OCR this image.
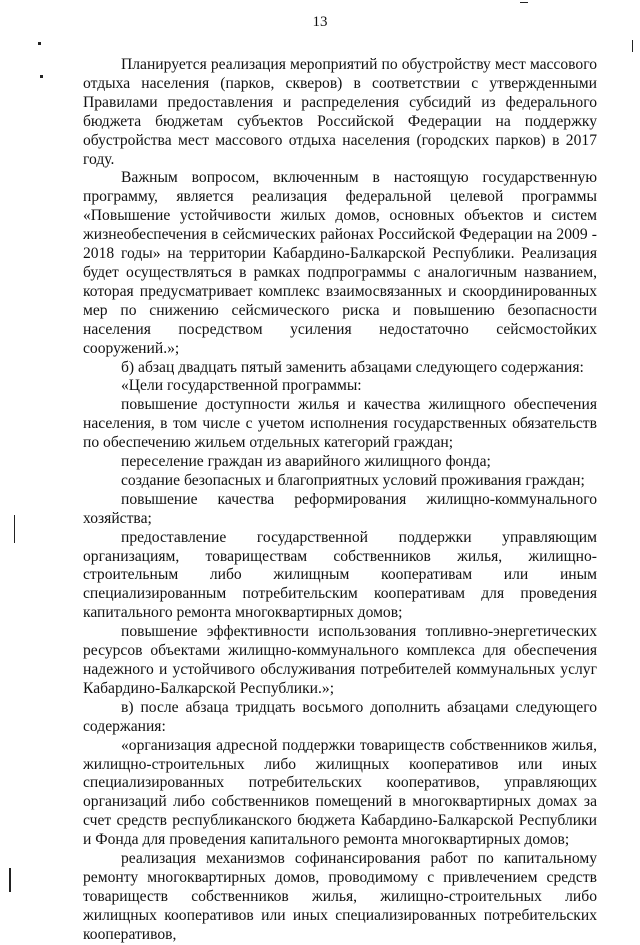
13

Планируется реализация мероприятий по обустройству мест массового отдыха населения (парков, скверов) в соответствии с утвержденными Правилами предоставления и распределения субсидий из федерального бюджета бюджетам субъектов Российской Федерации на поддержку обустройства мест массового отдыха населения (городских парков) в 2017 году.

Важным вопросом, включенным в настоящую государственную программу, является реализация федеральной целевой программы «Повышение устойчивости жилых домов, основных объектов и систем жизнеобеспечения в сейсмических районах Российской Федерации на 2009 - 2018 годы» на территории Кабардино-Балкарской Республики. Реализация будет осуществляться в рамках подпрограммы с аналогичным названием, которая предусматривает комплекс взаимосвязанных и скоординированных мер по снижению сейсмического риска и повышению безопасности населения посредством усиления недостаточно сейсмостойких сооружений.»;

б) абзац двадцать пятый заменить абзацами следующего содержания:

«Цели государственной программы:

повышение доступности жилья и качества жилищного обеспечения населения, в том числе с учетом исполнения государственных обязательств по обеспечению жильем отдельных категорий граждан;

переселение граждан из аварийного жилищного фонда;

создание безопасных и благоприятных условий проживания граждан;

повышение качества реформирования жилищно-коммунального хозяйства;

предоставление государственной поддержки управляющим организациям, товариществам собственников жилья, жилищно-строительным либо жилищным кооперативам или иным специализированным потребительским кооперативам для проведения капитального ремонта многоквартирных домов;

повышение эффективности использования топливно-энергетических ресурсов объектами жилищно-коммунального комплекса для обеспечения надежного и устойчивого обслуживания потребителей коммунальных услуг Кабардино-Балкарской Республики.»;

в) после абзаца тридцать восьмого дополнить абзацами следующего содержания:

«организация адресной поддержки товариществ собственников жилья, жилищно-строительных либо жилищных кооперативов или иных специализированных потребительских кооперативов, управляющих организаций либо собственников помещений в многоквартирных домах за счет средств республиканского бюджета Кабардино-Балкарской Республики и Фонда для проведения капитального ремонта многоквартирных домов;

реализация механизмов софинансирования работ по капитальному ремонту многоквартирных домов, проводимому с привлечением средств товариществ собственников жилья, жилищно-строительных либо жилищных кооперативов или иных специализированных потребительских кооперативов,
